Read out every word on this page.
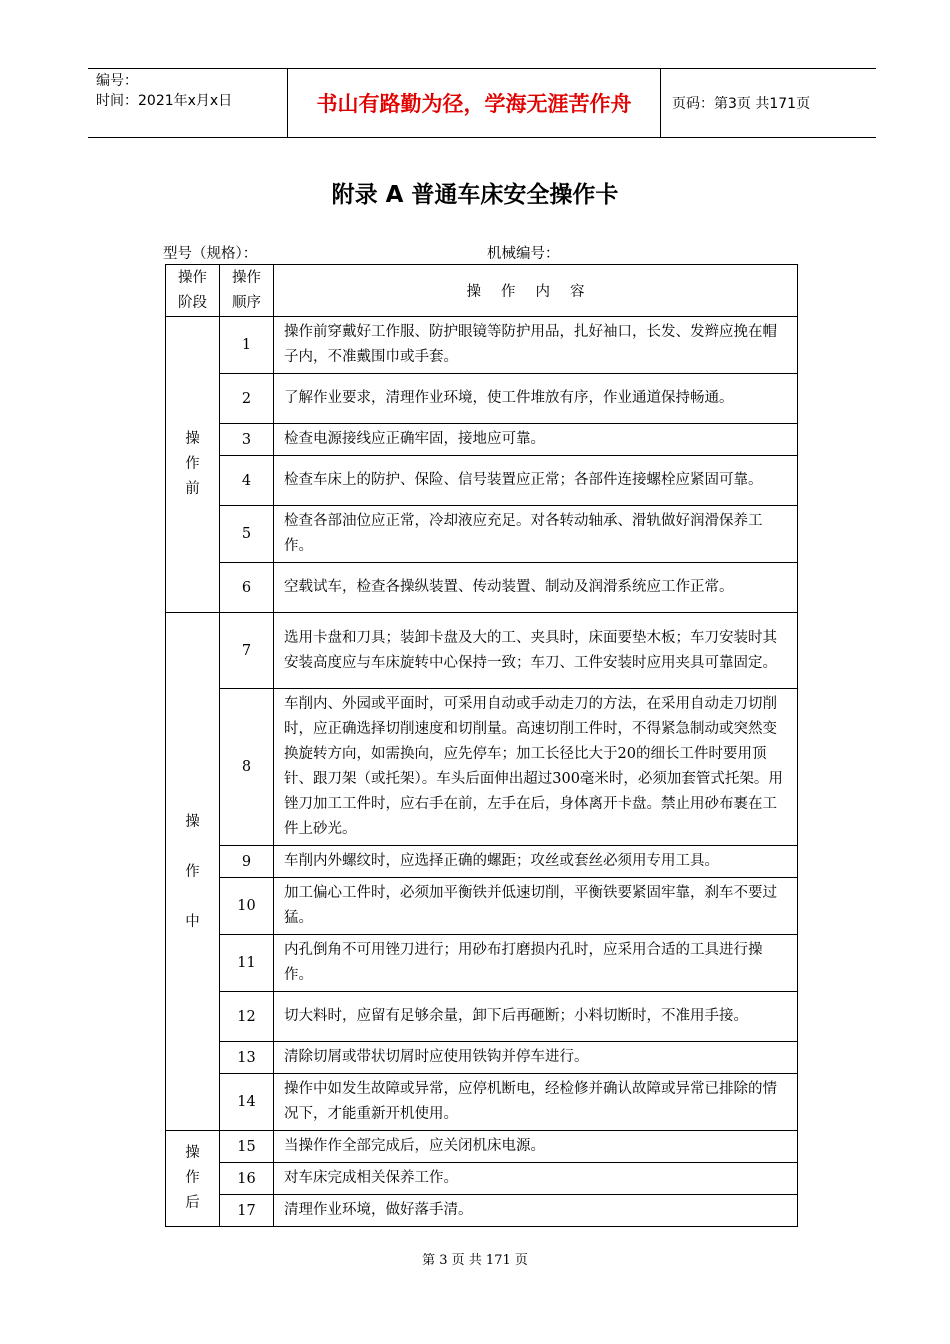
编号：
时间：2021年x月x日	书山有路勤为径，学海无涯苦作舟	页码：第3页 共171页
附录 A 普通车床安全操作卡
型号（规格）：	机械编号：
操作阶段	操作顺序	操作内容

操作前	1	操作前穿戴好工作服、防护眼镜等防护用品，扎好袖口，长发、发辫应挽在帽子内，不准戴围巾或手套。
	2	了解作业要求，清理作业环境，使工件堆放有序，作业通道保持畅通。
	3	检查电源接线应正确牢固，接地应可靠。
	4	检查车床上的防护、保险、信号装置应正常；各部件连接螺栓应紧固可靠。
	5	检查各部油位应正常，冷却液应充足。对各转动轴承、滑轨做好润滑保养工作。
	6	空载试车，检查各操纵装置、传动装置、制动及润滑系统应工作正常。

操作中	7	选用卡盘和刀具；装卸卡盘及大的工、夹具时，床面要垫木板；车刀安装时其安装高度应与车床旋转中心保持一致；车刀、工件安装时应用夹具可靠固定。
	8	车削内、外园或平面时，可采用自动或手动走刀的方法，在采用自动走刀切削时，应正确选择切削速度和切削量。高速切削工件时，不得紧急制动或突然变换旋转方向，如需换向，应先停车；加工长径比大于20的细长工件时要用顶针、跟刀架（或托架）。车头后面伸出超过300毫米时，必须加套管式托架。用锉刀加工工件时，应右手在前，左手在后，身体离开卡盘。禁止用砂布裹在工件上砂光。
	9	车削内外螺纹时，应选择正确的螺距；攻丝或套丝必须用专用工具。
	10	加工偏心工件时，必须加平衡铁并低速切削，平衡铁要紧固牢靠，刹车不要过猛。
	11	内孔倒角不可用锉刀进行；用砂布打磨损内孔时，应采用合适的工具进行操作。
	12	切大料时，应留有足够余量，卸下后再砸断；小料切断时，不准用手接。
	13	清除切屑或带状切屑时应使用铁钩并停车进行。
	14	操作中如发生故障或异常，应停机断电，经检修并确认故障或异常已排除的情况下，才能重新开机使用。

操作后	15	当操作作全部完成后，应关闭机床电源。
	16	对车床完成相关保养工作。
	17	清理作业环境，做好落手清。
第 3 页 共 171 页
